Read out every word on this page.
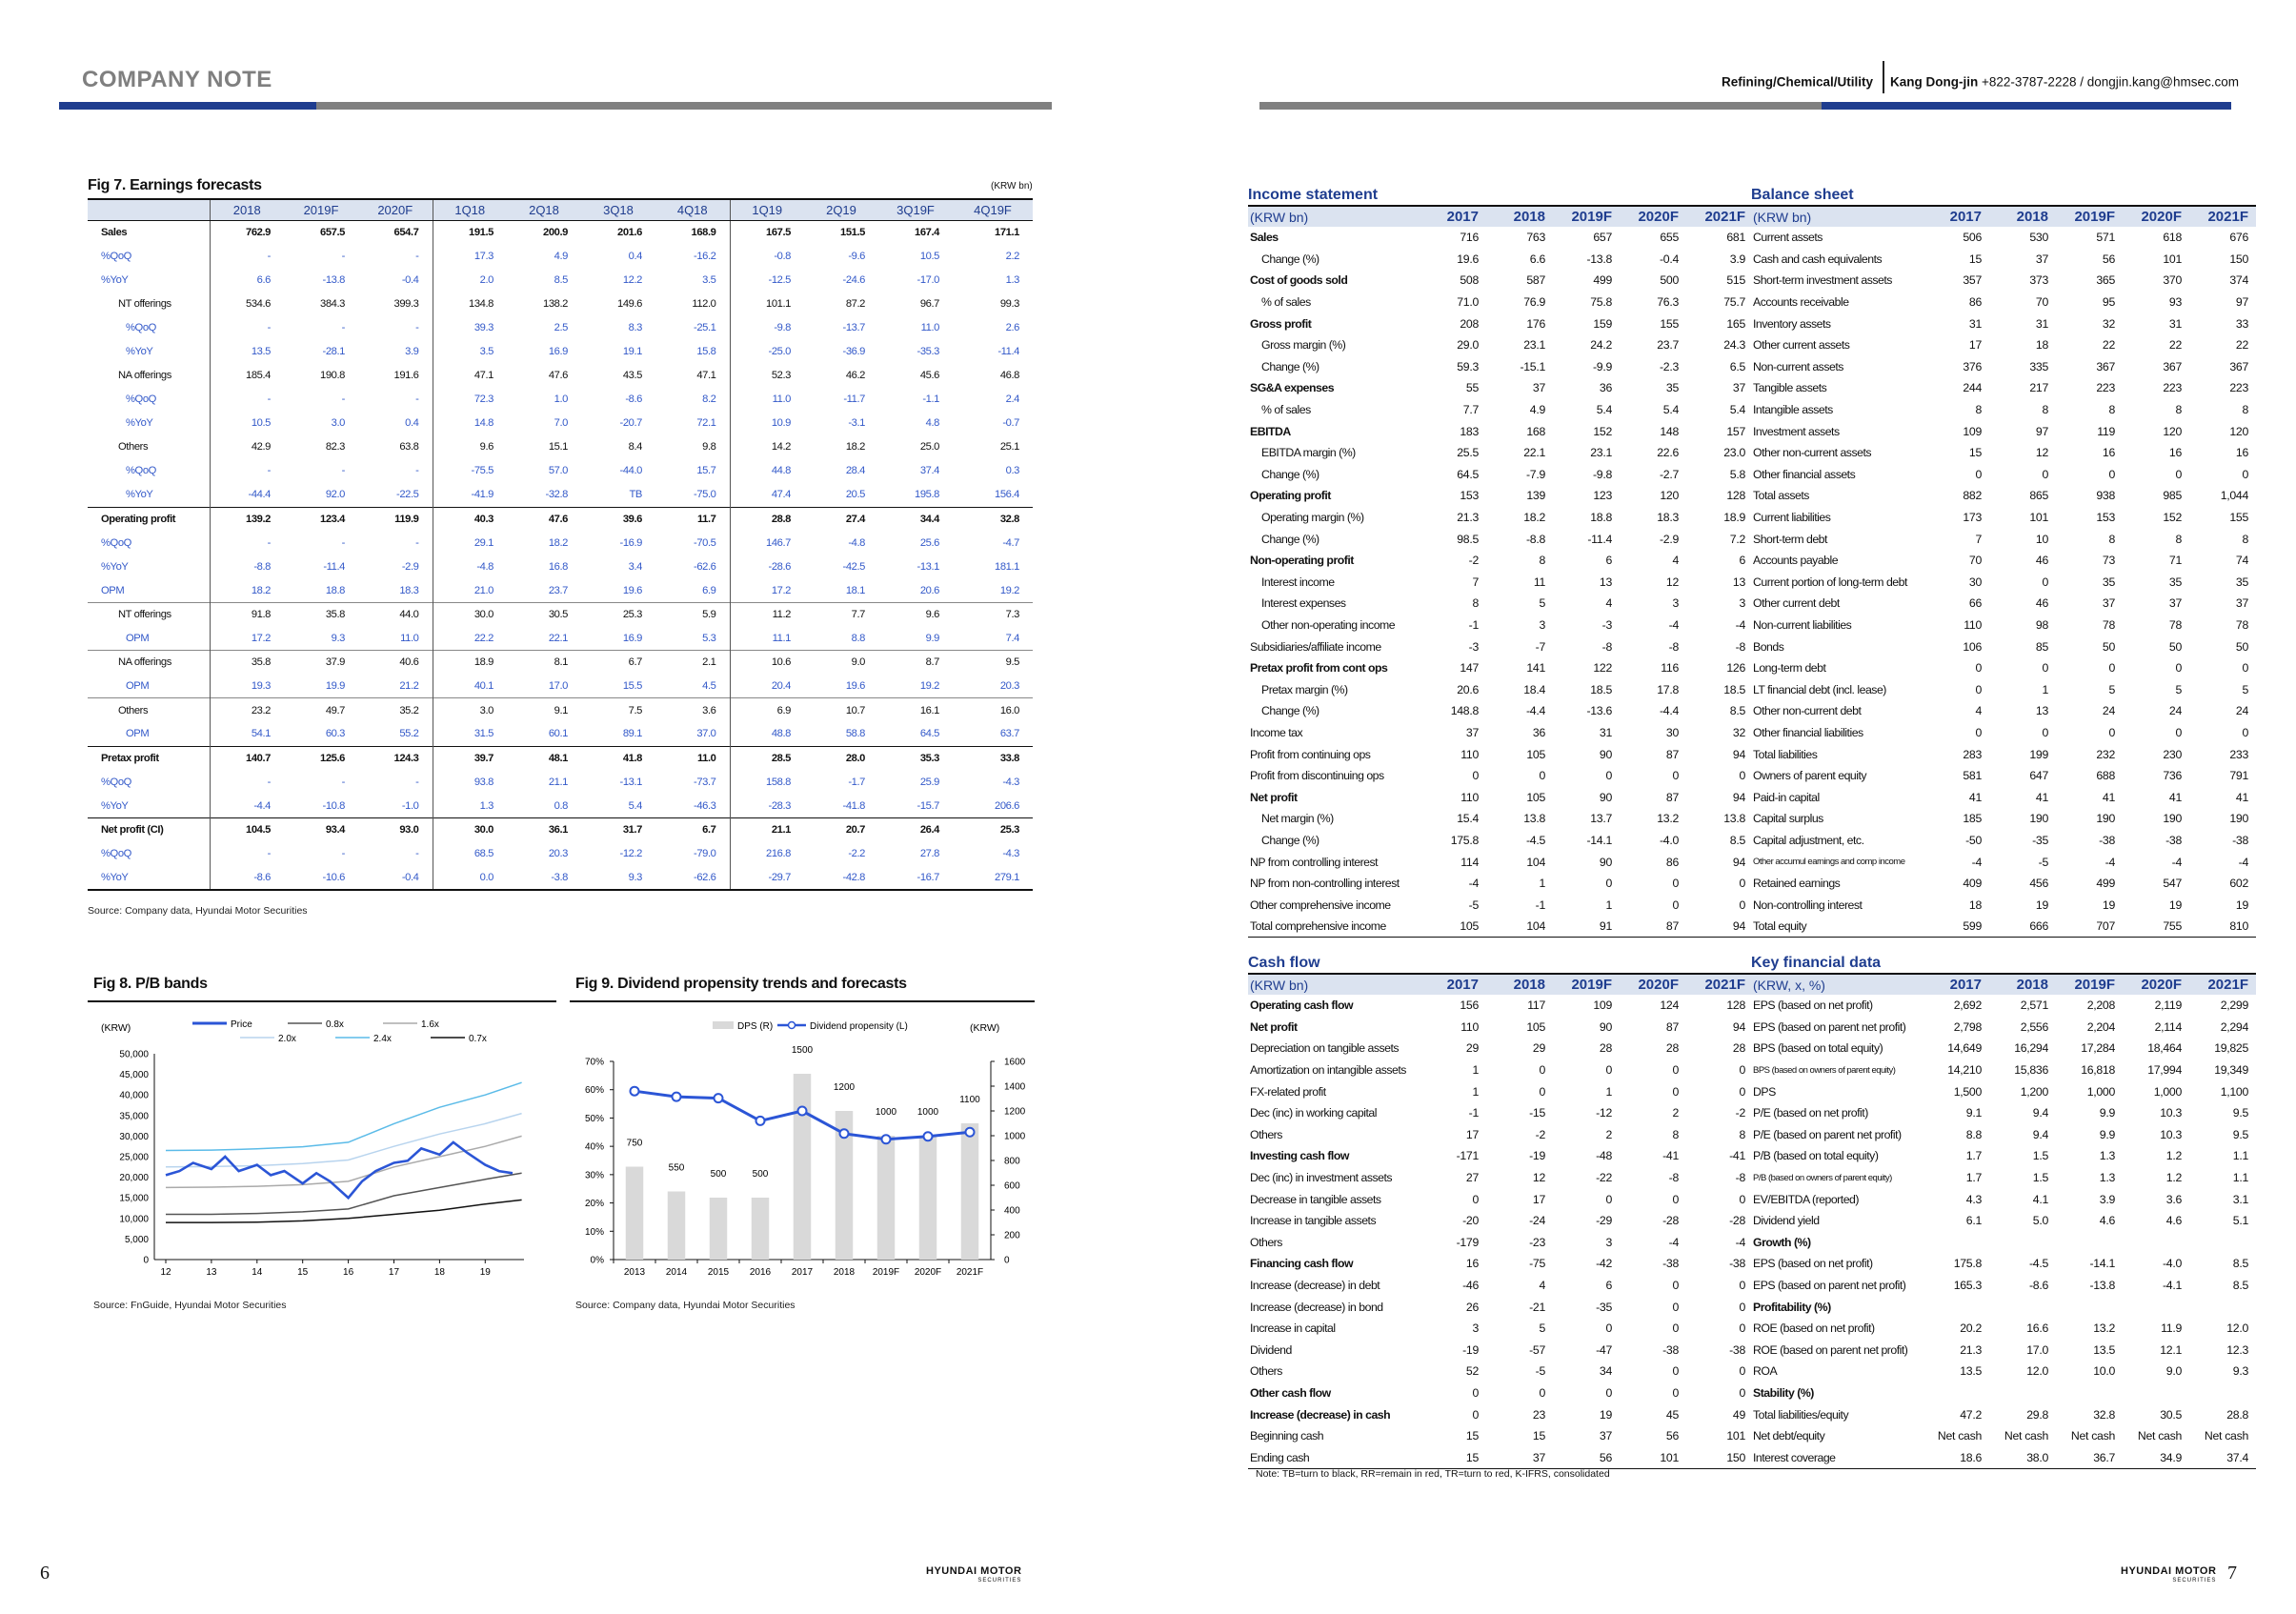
COMPANY NOTE	Refining/Chemical/Utility Kang Dong-jin +822-3787-2228 / dongjin.kang@hmsec.com
Fig 7. Earnings forecasts	(KRW bn)
	2018	2019F	2020F	1Q18	2Q18	3Q18	4Q18	1Q19	2Q19	3Q19F	4Q19F
Sales	762.9	657.5	654.7	191.5	200.9	201.6	168.9	167.5	151.5	167.4	171.1
%QoQ	-	-	-	17.3	4.9	0.4	-16.2	-0.8	-9.6	10.5	2.2
%YoY	6.6	-13.8	-0.4	2.0	8.5	12.2	3.5	-12.5	-24.6	-17.0	1.3
NT offerings	534.6	384.3	399.3	134.8	138.2	149.6	112.0	101.1	87.2	96.7	99.3
%QoQ	-	-	-	39.3	2.5	8.3	-25.1	-9.8	-13.7	11.0	2.6
%YoY	13.5	-28.1	3.9	3.5	16.9	19.1	15.8	-25.0	-36.9	-35.3	-11.4
NA offerings	185.4	190.8	191.6	47.1	47.6	43.5	47.1	52.3	46.2	45.6	46.8
%QoQ	-	-	-	72.3	1.0	-8.6	8.2	11.0	-11.7	-1.1	2.4
%YoY	10.5	3.0	0.4	14.8	7.0	-20.7	72.1	10.9	-3.1	4.8	-0.7
Others	42.9	82.3	63.8	9.6	15.1	8.4	9.8	14.2	18.2	25.0	25.1
%QoQ	-	-	-	-75.5	57.0	-44.0	15.7	44.8	28.4	37.4	0.3
%YoY	-44.4	92.0	-22.5	-41.9	-32.8	TB	-75.0	47.4	20.5	195.8	156.4
Operating profit	139.2	123.4	119.9	40.3	47.6	39.6	11.7	28.8	27.4	34.4	32.8
%QoQ	-	-	-	29.1	18.2	-16.9	-70.5	146.7	-4.8	25.6	-4.7
%YoY	-8.8	-11.4	-2.9	-4.8	16.8	3.4	-62.6	-28.6	-42.5	-13.1	181.1
OPM	18.2	18.8	18.3	21.0	23.7	19.6	6.9	17.2	18.1	20.6	19.2
NT offerings	91.8	35.8	44.0	30.0	30.5	25.3	5.9	11.2	7.7	9.6	7.3
OPM	17.2	9.3	11.0	22.2	22.1	16.9	5.3	11.1	8.8	9.9	7.4
NA offerings	35.8	37.9	40.6	18.9	8.1	6.7	2.1	10.6	9.0	8.7	9.5
OPM	19.3	19.9	21.2	40.1	17.0	15.5	4.5	20.4	19.6	19.2	20.3
Others	23.2	49.7	35.2	3.0	9.1	7.5	3.6	6.9	10.7	16.1	16.0
OPM	54.1	60.3	55.2	31.5	60.1	89.1	37.0	48.8	58.8	64.5	63.7
Pretax profit	140.7	125.6	124.3	39.7	48.1	41.8	11.0	28.5	28.0	35.3	33.8
%QoQ	-	-	-	93.8	21.1	-13.1	-73.7	158.8	-1.7	25.9	-4.3
%YoY	-4.4	-10.8	-1.0	1.3	0.8	5.4	-46.3	-28.3	-41.8	-15.7	206.6
Net profit (CI)	104.5	93.4	93.0	30.0	36.1	31.7	6.7	21.1	20.7	26.4	25.3
%QoQ	-	-	-	68.5	20.3	-12.2	-79.0	216.8	-2.2	27.8	-4.3
%YoY	-8.6	-10.6	-0.4	0.0	-3.8	9.3	-62.6	-29.7	-42.8	-16.7	279.1
Source: Company data, Hyundai Motor Securities
Fig 8. P/B bands
(KRW)	Price	0.8x	1.6x
2.0x	2.4x	0.7x
50,000
45,000
40,000
35,000
30,000
25,000
20,000
15,000
10,000
5,000
0
12	13	14	15	16	17	18	19
Source: FnGuide, Hyundai Motor Securities
Fig 9. Dividend propensity trends and forecasts
DPS (R)	Dividend propensity (L)	(KRW)
70%
60%
50%
40%
30%
20%
10%
0%
1600
1400
1200
1000
800
600
400
200
0
2013 2014 2015 2016 2017 2018 2019F 2020F 2021F
750
550
500	500
1500
1200
1000 1000
1100
Source: Company data, Hyundai Motor Securities
Income statement
(KRW bn)	2017	2018	2019F	2020F	2021F
Sales	716	763	657	655	681
Change (%)	19.6	6.6	-13.8	-0.4	3.9
Cost of goods sold	508	587	499	500	515
% of sales	71.0	76.9	75.8	76.3	75.7
Gross profit	208	176	159	155	165
Gross margin (%)	29.0	23.1	24.2	23.7	24.3
Change (%)	59.3	-15.1	-9.9	-2.3	6.5
SG&A expenses	55	37	36	35	37
% of sales	7.7	4.9	5.4	5.4	5.4
EBITDA	183	168	152	148	157
EBITDA margin (%)	25.5	22.1	23.1	22.6	23.0
Change (%)	64.5	-7.9	-9.8	-2.7	5.8
Operating profit	153	139	123	120	128
Operating margin (%)	21.3	18.2	18.8	18.3	18.9
Change (%)	98.5	-8.8	-11.4	-2.9	7.2
Non-operating profit	-2	8	6	4	6
Interest income	7	11	13	12	13
Interest expenses	8	5	4	3	3
Other non-operating income	-1	3	-3	-4	-4
Subsidiaries/affiliate income	-3	-7	-8	-8	-8
Pretax profit from cont ops	147	141	122	116	126
Pretax margin (%)	20.6	18.4	18.5	17.8	18.5
Change (%)	148.8	-4.4	-13.6	-4.4	8.5
Income tax	37	36	31	30	32
Profit from continuing ops	110	105	90	87	94
Profit from discontinuing ops	0	0	0	0	0
Net profit	110	105	90	87	94
Net margin (%)	15.4	13.8	13.7	13.2	13.8
Change (%)	175.8	-4.5	-14.1	-4.0	8.5
NP from controlling interest	114	104	90	86	94
NP from non-controlling interest	-4	1	0	0	0
Other comprehensive income	-5	-1	1	0	0
Total comprehensive income	105	104	91	87	94
Balance sheet
(KRW bn)	2017	2018	2019F	2020F	2021F
Current assets	506	530	571	618	676
Cash and cash equivalents	15	37	56	101	150
Short-term investment assets	357	373	365	370	374
Accounts receivable	86	70	95	93	97
Inventory assets	31	31	32	31	33
Other current assets	17	18	22	22	22
Non-current assets	376	335	367	367	367
Tangible assets	244	217	223	223	223
Intangible assets	8	8	8	8	8
Investment assets	109	97	119	120	120
Other non-current assets	15	12	16	16	16
Other financial assets	0	0	0	0	0
Total assets	882	865	938	985	1,044
Current liabilities	173	101	153	152	155
Short-term debt	7	10	8	8	8
Accounts payable	70	46	73	71	74
Current portion of long-term debt	30	0	35	35	35
Other current debt	66	46	37	37	37
Non-current liabilities	110	98	78	78	78
Bonds	106	85	50	50	50
Long-term debt	0	0	0	0	0
LT financial debt (incl. lease)	0	1	5	5	5
Other non-current debt	4	13	24	24	24
Other financial liabilities	0	0	0	0	0
Total liabilities	283	199	232	230	233
Owners of parent equity	581	647	688	736	791
Paid-in capital	41	41	41	41	41
Capital surplus	185	190	190	190	190
Capital adjustment, etc.	-50	-35	-38	-38	-38
Other accumul earnings and comp income	-4	-5	-4	-4	-4
Retained earnings	409	456	499	547	602
Non-controlling interest	18	19	19	19	19
Total equity	599	666	707	755	810
Cash flow
(KRW bn)	2017	2018	2019F	2020F	2021F
Operating cash flow	156	117	109	124	128
Net profit	110	105	90	87	94
Depreciation on tangible assets	29	29	28	28	28
Amortization on intangible assets	1	0	0	0	0
FX-related profit	1	0	1	0	0
Dec (inc) in working capital	-1	-15	-12	2	-2
Others	17	-2	2	8	8
Investing cash flow	-171	-19	-48	-41	-41
Dec (inc) in investment assets	27	12	-22	-8	-8
Decrease in tangible assets	0	17	0	0	0
Increase in tangible assets	-20	-24	-29	-28	-28
Others	-179	-23	3	-4	-4
Financing cash flow	16	-75	-42	-38	-38
Increase (decrease) in debt	-46	4	6	0	0
Increase (decrease) in bond	26	-21	-35	0	0
Increase in capital	3	5	0	0	0
Dividend	-19	-57	-47	-38	-38
Others	52	-5	34	0	0
Other cash flow	0	0	0	0	0
Increase (decrease) in cash	0	23	19	45	49
Beginning cash	15	15	37	56	101
Ending cash	15	37	56	101	150
Key financial data
(KRW, x, %)	2017	2018	2019F	2020F	2021F
EPS (based on net profit)	2,692	2,571	2,208	2,119	2,299
EPS (based on parent net profit)	2,798	2,556	2,204	2,114	2,294
BPS (based on total equity)	14,649	16,294	17,284	18,464	19,825
BPS (based on owners of parent equity)	14,210	15,836	16,818	17,994	19,349
DPS	1,500	1,200	1,000	1,000	1,100
P/E (based on net profit)	9.1	9.4	9.9	10.3	9.5
P/E (based on parent net profit)	8.8	9.4	9.9	10.3	9.5
P/B (based on total equity)	1.7	1.5	1.3	1.2	1.1
P/B (based on owners of parent equity)	1.7	1.5	1.3	1.2	1.1
EV/EBITDA (reported)	4.3	4.1	3.9	3.6	3.1
Dividend yield	6.1	5.0	4.6	4.6	5.1
Growth (%)					
EPS (based on net profit)	175.8	-4.5	-14.1	-4.0	8.5
EPS (based on parent net profit)	165.3	-8.6	-13.8	-4.1	8.5
Profitability (%)					
ROE (based on net profit)	20.2	16.6	13.2	11.9	12.0
ROE (based on parent net profit)	21.3	17.0	13.5	12.1	12.3
ROA	13.5	12.0	10.0	9.0	9.3
Stability (%)					
Total liabilities/equity	47.2	29.8	32.8	30.5	28.8
Net debt/equity	Net cash	Net cash	Net cash	Net cash	Net cash
Interest coverage	18.6	38.0	36.7	34.9	37.4
Note: TB=turn to black, RR=remain in red, TR=turn to red, K-IFRS, consolidated
6	HYUNDAI MOTOR
SECURITIES
HYUNDAI MOTOR
SECURITIES 7
